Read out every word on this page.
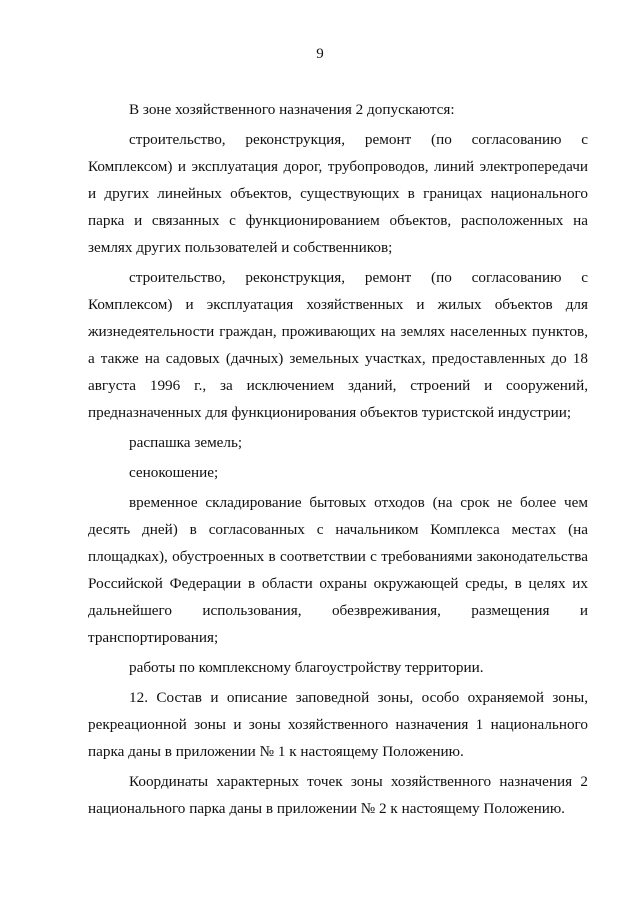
9

В зоне хозяйственного назначения 2 допускаются:

строительство, реконструкция, ремонт (по согласованию с Комплексом) и эксплуатация дорог, трубопроводов, линий электропередачи и других линейных объектов, существующих в границах национального парка и связанных с функционированием объектов, расположенных на землях других пользователей и собственников;

строительство, реконструкция, ремонт (по согласованию с Комплексом) и эксплуатация хозяйственных и жилых объектов для жизнедеятельности граждан, проживающих на землях населенных пунктов, а также на садовых (дачных) земельных участках, предоставленных до 18 августа 1996 г., за исключением зданий, строений и сооружений, предназначенных для функционирования объектов туристской индустрии;

распашка земель;

сенокошение;

временное складирование бытовых отходов (на срок не более чем десять дней) в согласованных с начальником Комплекса местах (на площадках), обустроенных в соответствии с требованиями законодательства Российской Федерации в области охраны окружающей среды, в целях их дальнейшего использования, обезвреживания, размещения и транспортирования;

работы по комплексному благоустройству территории.

12. Состав и описание заповедной зоны, особо охраняемой зоны, рекреационной зоны и зоны хозяйственного назначения 1 национального парка даны в приложении № 1 к настоящему Положению.

Координаты характерных точек зоны хозяйственного назначения 2 национального парка даны в приложении № 2 к настоящему Положению.
